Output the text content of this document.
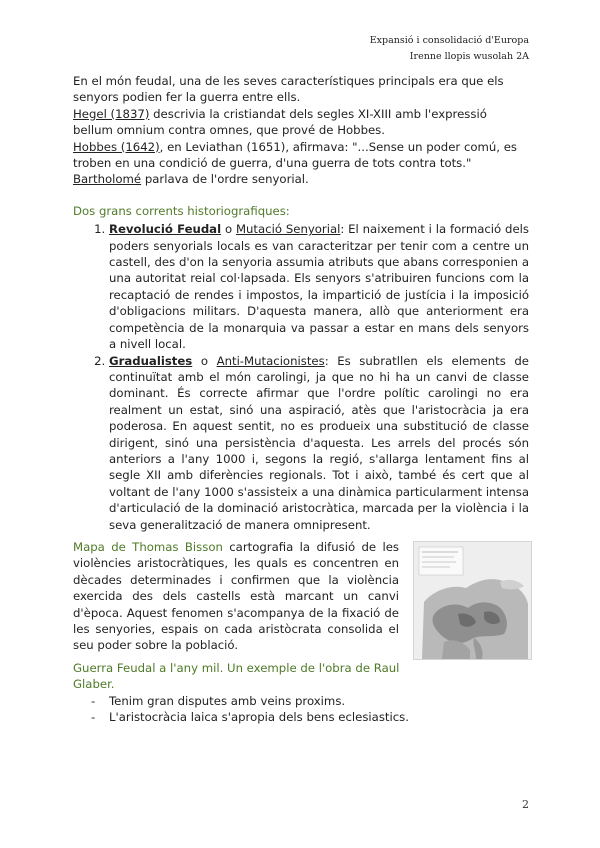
Expansió i consolidació d'Europa
Irenne llopis wusolah 2A

En el món feudal, una de les seves característiques principals era que els senyors podien fer la guerra entre ells.

Hegel (1837) descrivia la cristiandat dels segles XI-XIII amb l'expressió bellum omnium contra omnes, que prové de Hobbes.

Hobbes (1642), en Leviathan (1651), afirmava: "...Sense un poder comú, es troben en una condició de guerra, d'una guerra de tots contra tots."

Bartholomé parlava de l'ordre senyorial.

Dos grans corrents historiografiques:

1. Revolució Feudal o Mutació Senyorial: El naixement i la formació dels poders senyorials locals es van caracteritzar per tenir com a centre un castell, des d'on la senyoria assumia atributs que abans corresponien a una autoritat reial col·lapsada. Els senyors s'atribuiren funcions com la recaptació de rendes i impostos, la impartició de justícia i la imposició d'obligacions militars. D'aquesta manera, allò que anteriorment era competència de la monarquia va passar a estar en mans dels senyors a nivell local.
2. Gradualistes o Anti-Mutacionistes: Es subratllen els elements de continuïtat amb el món carolingi, ja que no hi ha un canvi de classe dominant. És correcte afirmar que l'ordre polític carolingi no era realment un estat, sinó una aspiració, atès que l'aristocràcia ja era poderosa. En aquest sentit, no es produeix una substitució de classe dirigent, sinó una persistència d'aquesta. Les arrels del procés són anteriors a l'any 1000 i, segons la regió, s'allarga lentament fins al segle XII amb diferències regionals. Tot i això, també és cert que al voltant de l'any 1000 s'assisteix a una dinàmica particularment intensa d'articulació de la dominació aristocràtica, marcada per la violència i la seva generalització de manera omnipresent.

Mapa de Thomas Bisson cartografia la difusió de les violències aristocràtiques, les quals es concentren en dècades determinades i confirmen que la violència exercida des dels castells està marcant un canvi d'època. Aquest fenomen s'acompanya de la fixació de les senyories, espais on cada aristòcrata consolida el seu poder sobre la població.

Guerra Feudal a l'any mil. Un exemple de l'obra de Raul Glaber.

- Tenim gran disputes amb veins proxims.
- L'aristocràcia laica s'apropia dels bens eclesiastics.
2
